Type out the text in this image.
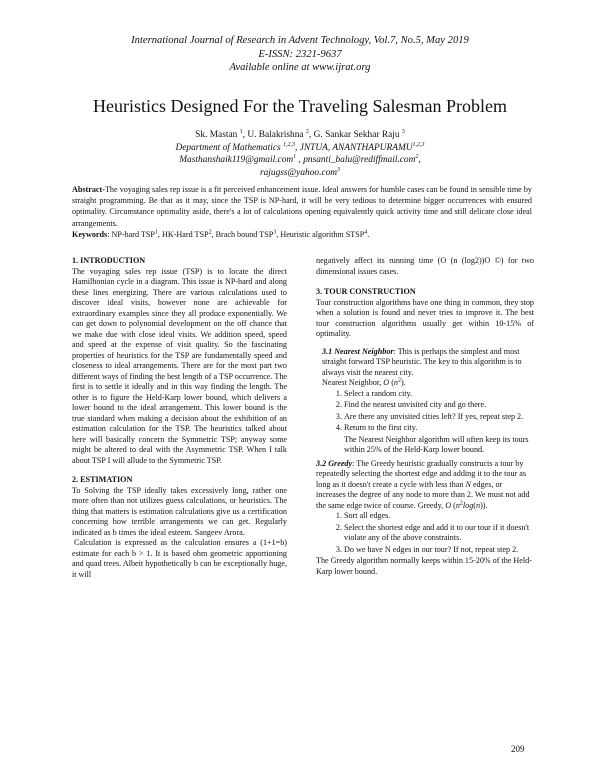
International Journal of Research in Advent Technology, Vol.7, No.5, May 2019
E-ISSN: 2321-9637
Available online at www.ijrat.org
Heuristics Designed For the Traveling Salesman Problem
Sk. Mastan $^1$, U. Balakrishna $^2$, G. Sankar Sekhar Raju $^3$
Department of Mathematics $^{1,2,3}$, JNTUA, ANANTHAPURAMU$^{1,2,3}$
Masthanshaik119@gmail.com$^1$ , pnsanti_balu@rediffmail.com$^2$,
rajugss@yahoo.com$^3$
Abstract-The voyaging sales rep issue is a fit perceived enhancement issue. Ideal answers for humble cases can be found in sensible time by straight programming. Be that as it may, since the TSP is NP-hard, it will be very tedious to determine bigger occurrences with ensured optimality. Circumstance optimality aside, there's a lot of calculations opening equivalently quick activity time and still delicate close ideal arrangements.
Keywords: NP-hard TSP$^1$, HK-Hard TSP$^2$, Brach bound TSP$^3$, Heuristic algorithm STSP$^4$.

1. INTRODUCTION

The voyaging sales rep issue (TSP) is to locate the direct Hamilhonian cycle in a diagram. This issue is NP-hard and along these lines energizing. There are various calculations used to discover ideal visits, however none are achievable for extraordinary examples since they all produce exponentially. We can get down to polynomial development on the off chance that we make due with close ideal visits. We addition speed, speed and speed at the expense of visit quality. So the fascinating properties of heuristics for the TSP are fundamentally speed and closeness to ideal arrangements. There are for the most part two different ways of finding the best length of a TSP occurrence. The first is to settle it ideally and in this way finding the length. The other is to figure the Held-Karp lower bound, which delivers a lower bound to the ideal arrangement. This lower bound is the true standard when making a decision about the exhibition of an estimation calculation for the TSP. The heuristics talked about here will basically concern the Symmetric TSP; anyway some might be altered to deal with the Asymmetric TSP. When I talk about TSP I will allude to the Symmetric TSP.

2. ESTIMATION

To Solving the TSP ideally takes excessively long, rather one more often than not utilizes guess calculations, or heuristics. The thing that matters is estimation calculations give us a certification concerning how terrible arrangements we can get. Regularly indicated as b times the ideal esteem. Sangeev Arora.

Calculation is expressed as the calculation ensures a (1+1=b) estimate for each b > 1. It is based ohm geometric apportioning and quad trees. Albeit hypothetically b can be exceptionally huge, it will

negatively affect its running time (O (n (log2))O ©) for two dimensional issues cases.

3. TOUR CONSTRUCTION

Tour construction algorithms have one thing in common, they stop when a solution is found and never tries to improve it. The best tour construction algorithms usually get within 10-15% of optimality.

3.1 Nearest Neighbor: This is perhaps the simplest and most straight forward TSP heuristic. The key to this algorithm is to always visit the nearest city.

Nearest Neighbor, O $(n^2)$.

1. Select a random city.
2. Find the nearest unvisited city and go there.
3. Are there any unvisited cities left? If yes, repeat step 2.
4. Return to the first city.

The Nearest Neighbor algorithm will often keep its tours within 25% of the Held-Karp lower bound.

3.2 Greedy: The Greedy heuristic gradually constructs a tour by repeatedly selecting the shortest edge and adding it to the tour as long as it doesn't create a cycle with less than N edges, or increases the degree of any node to more than 2. We must not add the same edge twice of course. Greedy, O $(n^2\log(n))$.

1. Sort all edges.
2. Select the shortest edge and add it to our tour if it doesn't violate any of the above constraints.
3. Do we have N edges in our tour? If not, repeat step 2.

The Greedy algorithm normally keeps within 15-20% of the Held-Karp lower bound.

209
